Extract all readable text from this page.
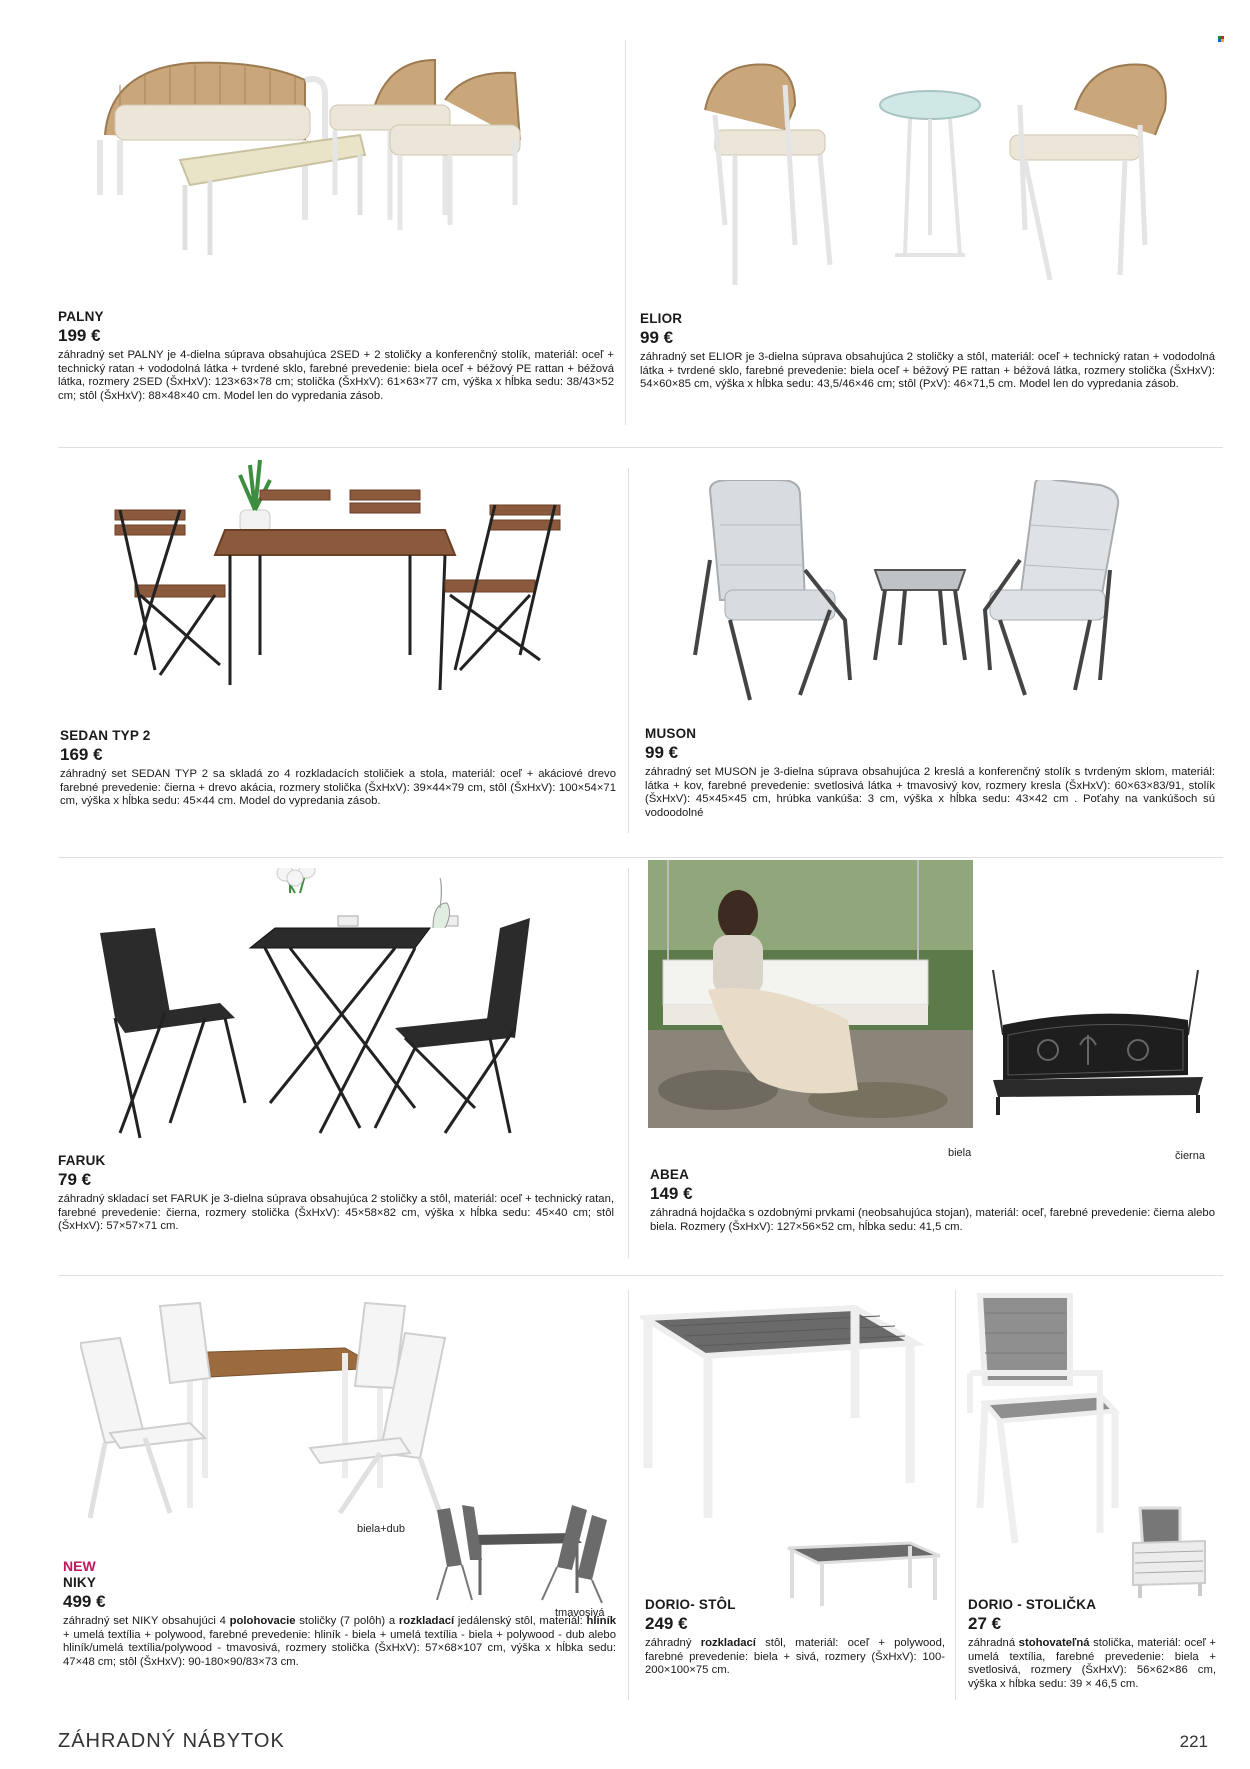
PALNY
199 €
záhradný set PALNY je 4-dielna súprava obsahujúca 2SED + 2 stoličky a konferenčný stolík, materiál: oceľ + technický ratan + vododolná látka + tvrdené sklo, farebné prevedenie: biela oceľ + béžový PE rattan + béžová látka, rozmery 2SED (ŠxHxV): 123×63×78 cm; stolička (ŠxHxV): 61×63×77 cm, výška x hĺbka sedu: 38/43×52 cm; stôl (ŠxHxV): 88×48×40 cm. Model len do vypredania zásob.
ELIOR
99 €
záhradný set ELIOR je 3-dielna súprava obsahujúca 2 stoličky a stôl, materiál: oceľ + technický ratan + vododolná látka + tvrdené sklo, farebné prevedenie: biela oceľ + béžový PE rattan + béžová látka, rozmery stolička (ŠxHxV): 54×60×85 cm, výška x hĺbka sedu: 43,5/46×46 cm; stôl (PxV): 46×71,5 cm. Model len do vypredania zásob.
SEDAN TYP 2
169 €
záhradný set SEDAN TYP 2 sa skladá zo 4 rozkladacích stoličiek a stola, materiál: oceľ + akáciové drevo farebné prevedenie: čierna + drevo akácia, rozmery stolička (ŠxHxV): 39×44×79 cm, stôl (ŠxHxV): 100×54×71 cm, výška x hĺbka sedu: 45×44 cm. Model do vypredania zásob.
MUSON
99 €
záhradný set MUSON je 3-dielna súprava obsahujúca 2 kreslá a konferenčný stolík s tvrdeným sklom, materiál: látka + kov, farebné prevedenie: svetlosivá látka + tmavosivý kov, rozmery kresla (ŠxHxV): 60×63×83/91, stolík (ŠxHxV): 45×45×45 cm, hrúbka vankúša: 3 cm, výška x hĺbka sedu: 43×42 cm . Poťahy na vankúšoch sú vodoodolné
FARUK
79 €
záhradný skladací set FARUK je 3-dielna súprava obsahujúca 2 stoličky a stôl, materiál: oceľ + technický ratan, farebné prevedenie: čierna, rozmery stolička (ŠxHxV): 45×58×82 cm, výška x hĺbka sedu: 45×40 cm; stôl (ŠxHxV): 57×57×71 cm.
biela	čierna
ABEA
149 €
záhradná hojdačka s ozdobnými prvkami (neobsahujúca stojan), materiál: oceľ, farebné prevedenie: čierna alebo biela. Rozmery (ŠxHxV): 127×56×52 cm, hĺbka sedu: 41,5 cm.
biela+dub
tmavosivá
NEW
NIKY
499 €
záhradný set NIKY obsahujúci 4 polohovacie stoličky (7 polôh) a rozkladací jedálenský stôl, materiál: hliník + umelá textília + polywood, farebné prevedenie: hliník - biela + umelá textília - biela + polywood - dub alebo hliník/umelá textília/polywood - tmavosivá, rozmery stolička (ŠxHxV): 57×68×107 cm, výška x hĺbka sedu: 47×48 cm; stôl (ŠxHxV): 90-180×90/83×73 cm.
DORIO- STÔL
249 €
záhradný rozkladací stôl, materiál: oceľ + polywood, farebné prevedenie: biela + sivá, rozmery (ŠxHxV): 100-200×100×75 cm.
DORIO - STOLIČKA
27 €
záhradná stohovateľná stolička, materiál: oceľ + umelá textília, farebné prevedenie: biela + svetlosivá, rozmery (ŠxHxV): 56×62×86 cm, výška x hĺbka sedu: 39 × 46,5 cm.
ZÁHRADNÝ NÁBYTOK	221
